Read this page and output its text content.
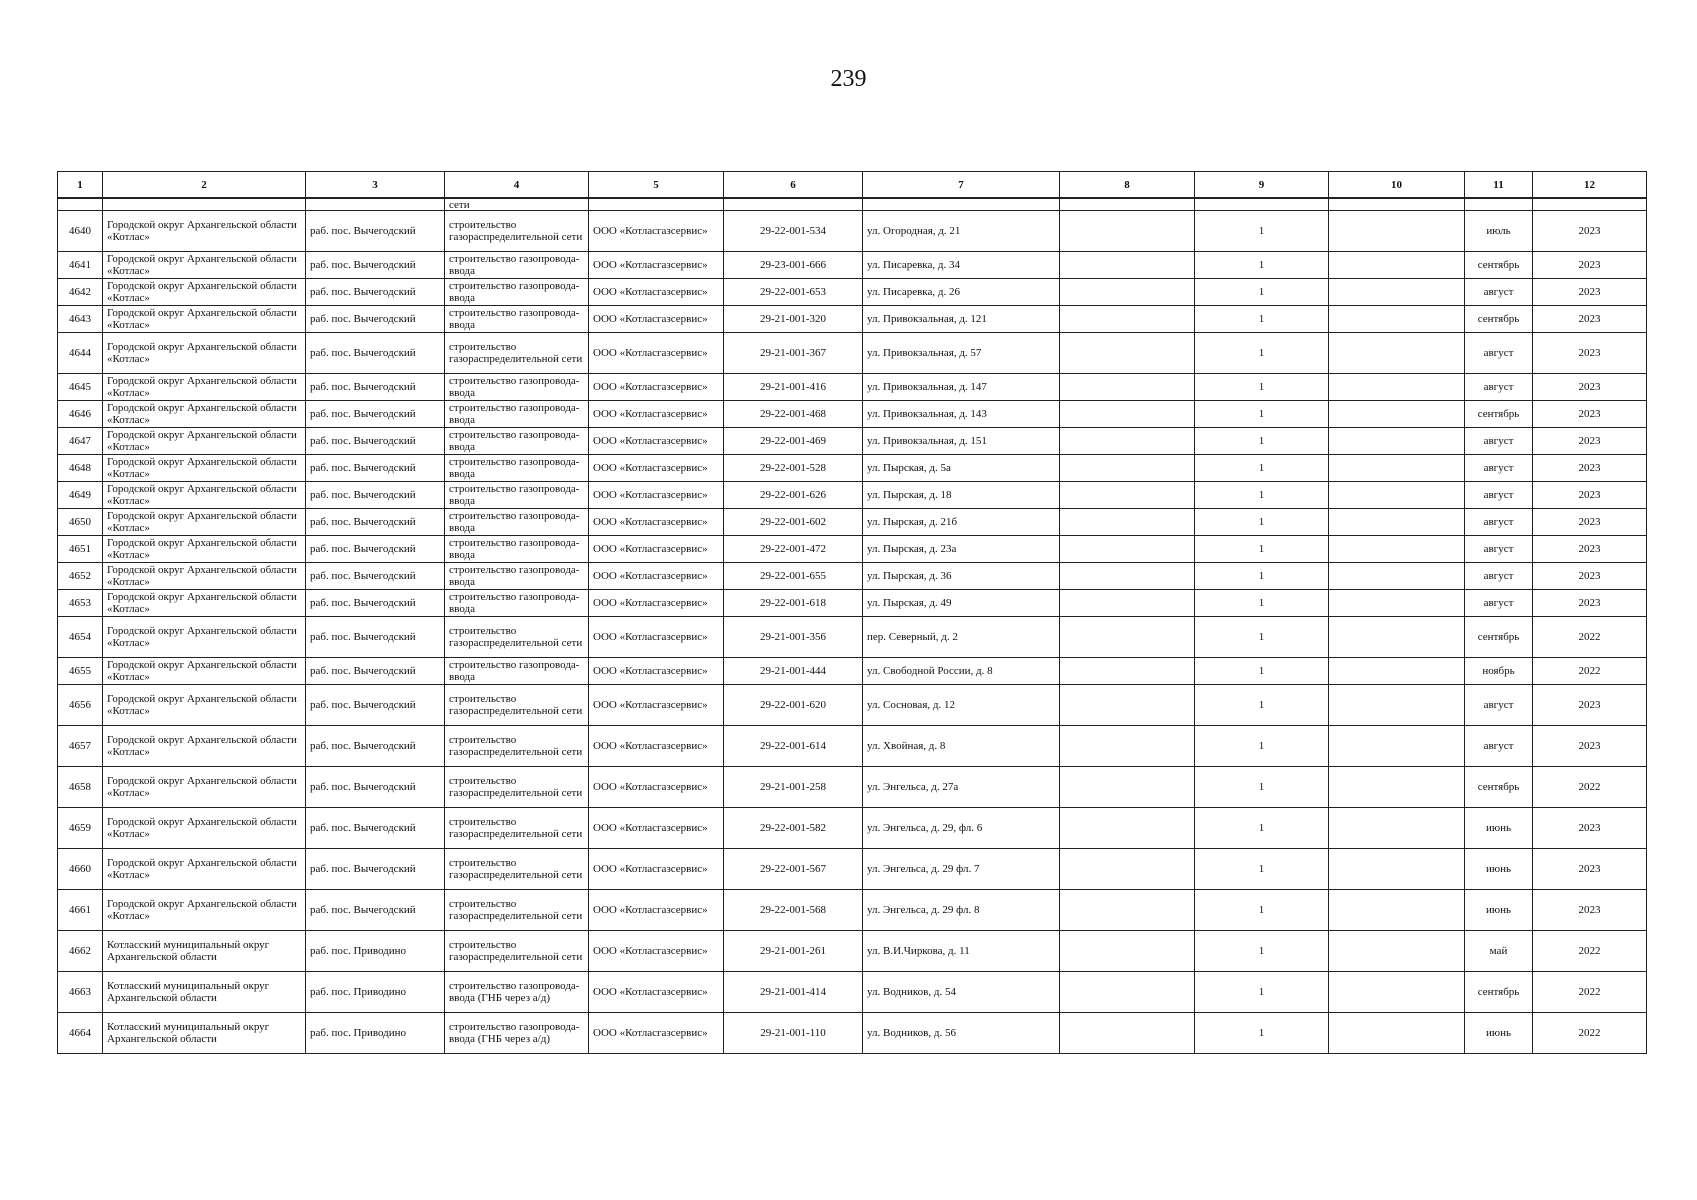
239
1	2	3	4	5	6	7	8	9	10	11	12
			сети								
4640	Городской округ Архангельской области «Котлас»	раб. пос. Вычегодский	строительство газораспределительной сети	ООО «Котласгазсервис»	29-22-001-534	ул. Огородная, д. 21		1		июль	2023
4641	Городской округ Архангельской области «Котлас»	раб. пос. Вычегодский	строительство газопровода-ввода	ООО «Котласгазсервис»	29-23-001-666	ул. Писаревка, д. 34		1		сентябрь	2023
4642	Городской округ Архангельской области «Котлас»	раб. пос. Вычегодский	строительство газопровода-ввода	ООО «Котласгазсервис»	29-22-001-653	ул. Писаревка, д. 26		1		август	2023
4643	Городской округ Архангельской области «Котлас»	раб. пос. Вычегодский	строительство газопровода-ввода	ООО «Котласгазсервис»	29-21-001-320	ул. Привокзальная, д. 121		1		сентябрь	2023
4644	Городской округ Архангельской области «Котлас»	раб. пос. Вычегодский	строительство газораспределительной сети	ООО «Котласгазсервис»	29-21-001-367	ул. Привокзальная, д. 57		1		август	2023
4645	Городской округ Архангельской области «Котлас»	раб. пос. Вычегодский	строительство газопровода-ввода	ООО «Котласгазсервис»	29-21-001-416	ул. Привокзальная, д. 147		1		август	2023
4646	Городской округ Архангельской области «Котлас»	раб. пос. Вычегодский	строительство газопровода-ввода	ООО «Котласгазсервис»	29-22-001-468	ул. Привокзальная, д. 143		1		сентябрь	2023
4647	Городской округ Архангельской области «Котлас»	раб. пос. Вычегодский	строительство газопровода-ввода	ООО «Котласгазсервис»	29-22-001-469	ул. Привокзальная, д. 151		1		август	2023
4648	Городской округ Архангельской области «Котлас»	раб. пос. Вычегодский	строительство газопровода-ввода	ООО «Котласгазсервис»	29-22-001-528	ул. Пырская, д. 5а		1		август	2023
4649	Городской округ Архангельской области «Котлас»	раб. пос. Вычегодский	строительство газопровода-ввода	ООО «Котласгазсервис»	29-22-001-626	ул. Пырская, д. 18		1		август	2023
4650	Городской округ Архангельской области «Котлас»	раб. пос. Вычегодский	строительство газопровода-ввода	ООО «Котласгазсервис»	29-22-001-602	ул. Пырская, д. 21б		1		август	2023
4651	Городской округ Архангельской области «Котлас»	раб. пос. Вычегодский	строительство газопровода-ввода	ООО «Котласгазсервис»	29-22-001-472	ул. Пырская, д. 23а		1		август	2023
4652	Городской округ Архангельской области «Котлас»	раб. пос. Вычегодский	строительство газопровода-ввода	ООО «Котласгазсервис»	29-22-001-655	ул. Пырская, д. 36		1		август	2023
4653	Городской округ Архангельской области «Котлас»	раб. пос. Вычегодский	строительство газопровода-ввода	ООО «Котласгазсервис»	29-22-001-618	ул. Пырская, д. 49		1		август	2023
4654	Городской округ Архангельской области «Котлас»	раб. пос. Вычегодский	строительство газораспределительной сети	ООО «Котласгазсервис»	29-21-001-356	пер. Северный, д. 2		1		сентябрь	2022
4655	Городской округ Архангельской области «Котлас»	раб. пос. Вычегодский	строительство газопровода-ввода	ООО «Котласгазсервис»	29-21-001-444	ул. Свободной России, д. 8		1		ноябрь	2022
4656	Городской округ Архангельской области «Котлас»	раб. пос. Вычегодский	строительство газораспределительной сети	ООО «Котласгазсервис»	29-22-001-620	ул. Сосновая, д. 12		1		август	2023
4657	Городской округ Архангельской области «Котлас»	раб. пос. Вычегодский	строительство газораспределительной сети	ООО «Котласгазсервис»	29-22-001-614	ул. Хвойная, д. 8		1		август	2023
4658	Городской округ Архангельской области «Котлас»	раб. пос. Вычегодский	строительство газораспределительной сети	ООО «Котласгазсервис»	29-21-001-258	ул. Энгельса, д. 27а		1		сентябрь	2022
4659	Городской округ Архангельской области «Котлас»	раб. пос. Вычегодский	строительство газораспределительной сети	ООО «Котласгазсервис»	29-22-001-582	ул. Энгельса, д. 29, фл. 6		1		июнь	2023
4660	Городской округ Архангельской области «Котлас»	раб. пос. Вычегодский	строительство газораспределительной сети	ООО «Котласгазсервис»	29-22-001-567	ул. Энгельса, д. 29 фл. 7		1		июнь	2023
4661	Городской округ Архангельской области «Котлас»	раб. пос. Вычегодский	строительство газораспределительной сети	ООО «Котласгазсервис»	29-22-001-568	ул. Энгельса, д. 29 фл. 8		1		июнь	2023
4662	Котласский муниципальный округ Архангельской области	раб. пос. Приводино	строительство газораспределительной сети	ООО «Котласгазсервис»	29-21-001-261	ул. В.И.Чиркова, д. 11		1		май	2022
4663	Котласский муниципальный округ Архангельской области	раб. пос. Приводино	строительство газопровода-ввода (ГНБ через а/д)	ООО «Котласгазсервис»	29-21-001-414	ул. Водников, д. 54		1		сентябрь	2022
4664	Котласский муниципальный округ Архангельской области	раб. пос. Приводино	строительство газопровода-ввода (ГНБ через а/д)	ООО «Котласгазсервис»	29-21-001-110	ул. Водников, д. 56		1		июнь	2022
